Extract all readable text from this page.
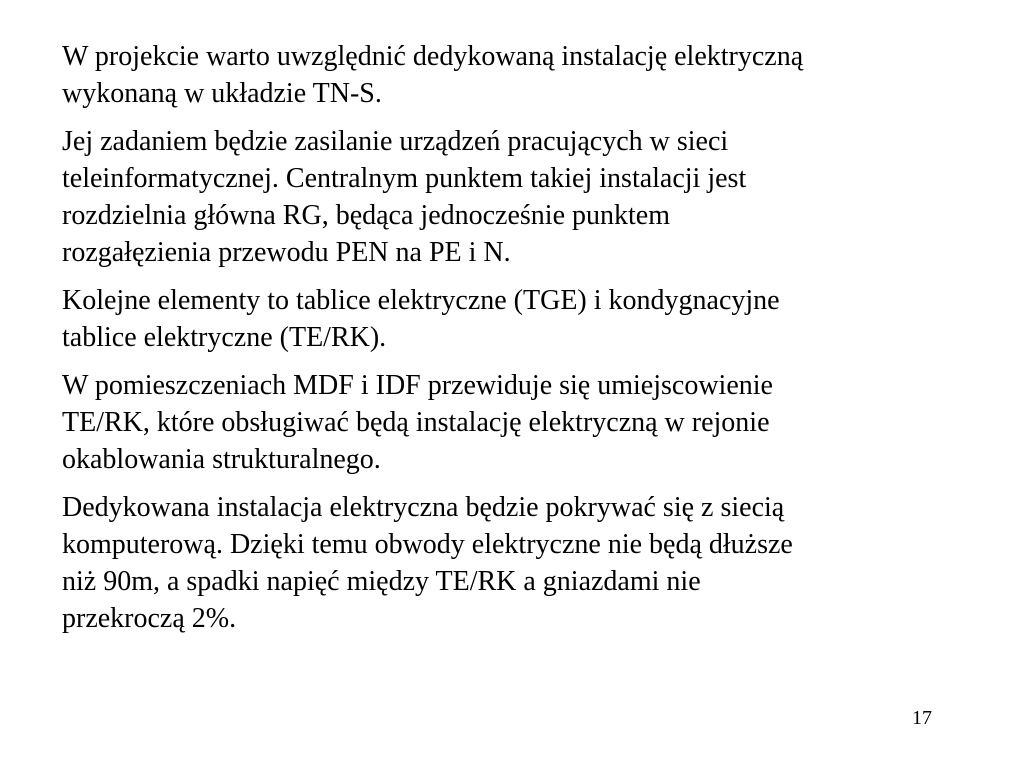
W projekcie warto uwzględnić dedykowaną instalację elektryczną
wykonaną w układzie TN-S.

Jej zadaniem będzie zasilanie urządzeń pracujących w sieci
teleinformatycznej. Centralnym punktem takiej instalacji jest
rozdzielnia główna RG, będąca jednocześnie punktem
rozgałęzienia przewodu PEN na PE i N.

Kolejne elementy to tablice elektryczne (TGE) i kondygnacyjne
tablice elektryczne (TE/RK).

W pomieszczeniach MDF i IDF przewiduje się umiejscowienie
TE/RK, które obsługiwać będą instalację elektryczną w rejonie
okablowania strukturalnego.

Dedykowana instalacja elektryczna będzie pokrywać się z siecią
komputerową. Dzięki temu obwody elektryczne nie będą dłuższe
niż 90m, a spadki napięć między TE/RK a gniazdami nie
przekroczą 2%.

17
